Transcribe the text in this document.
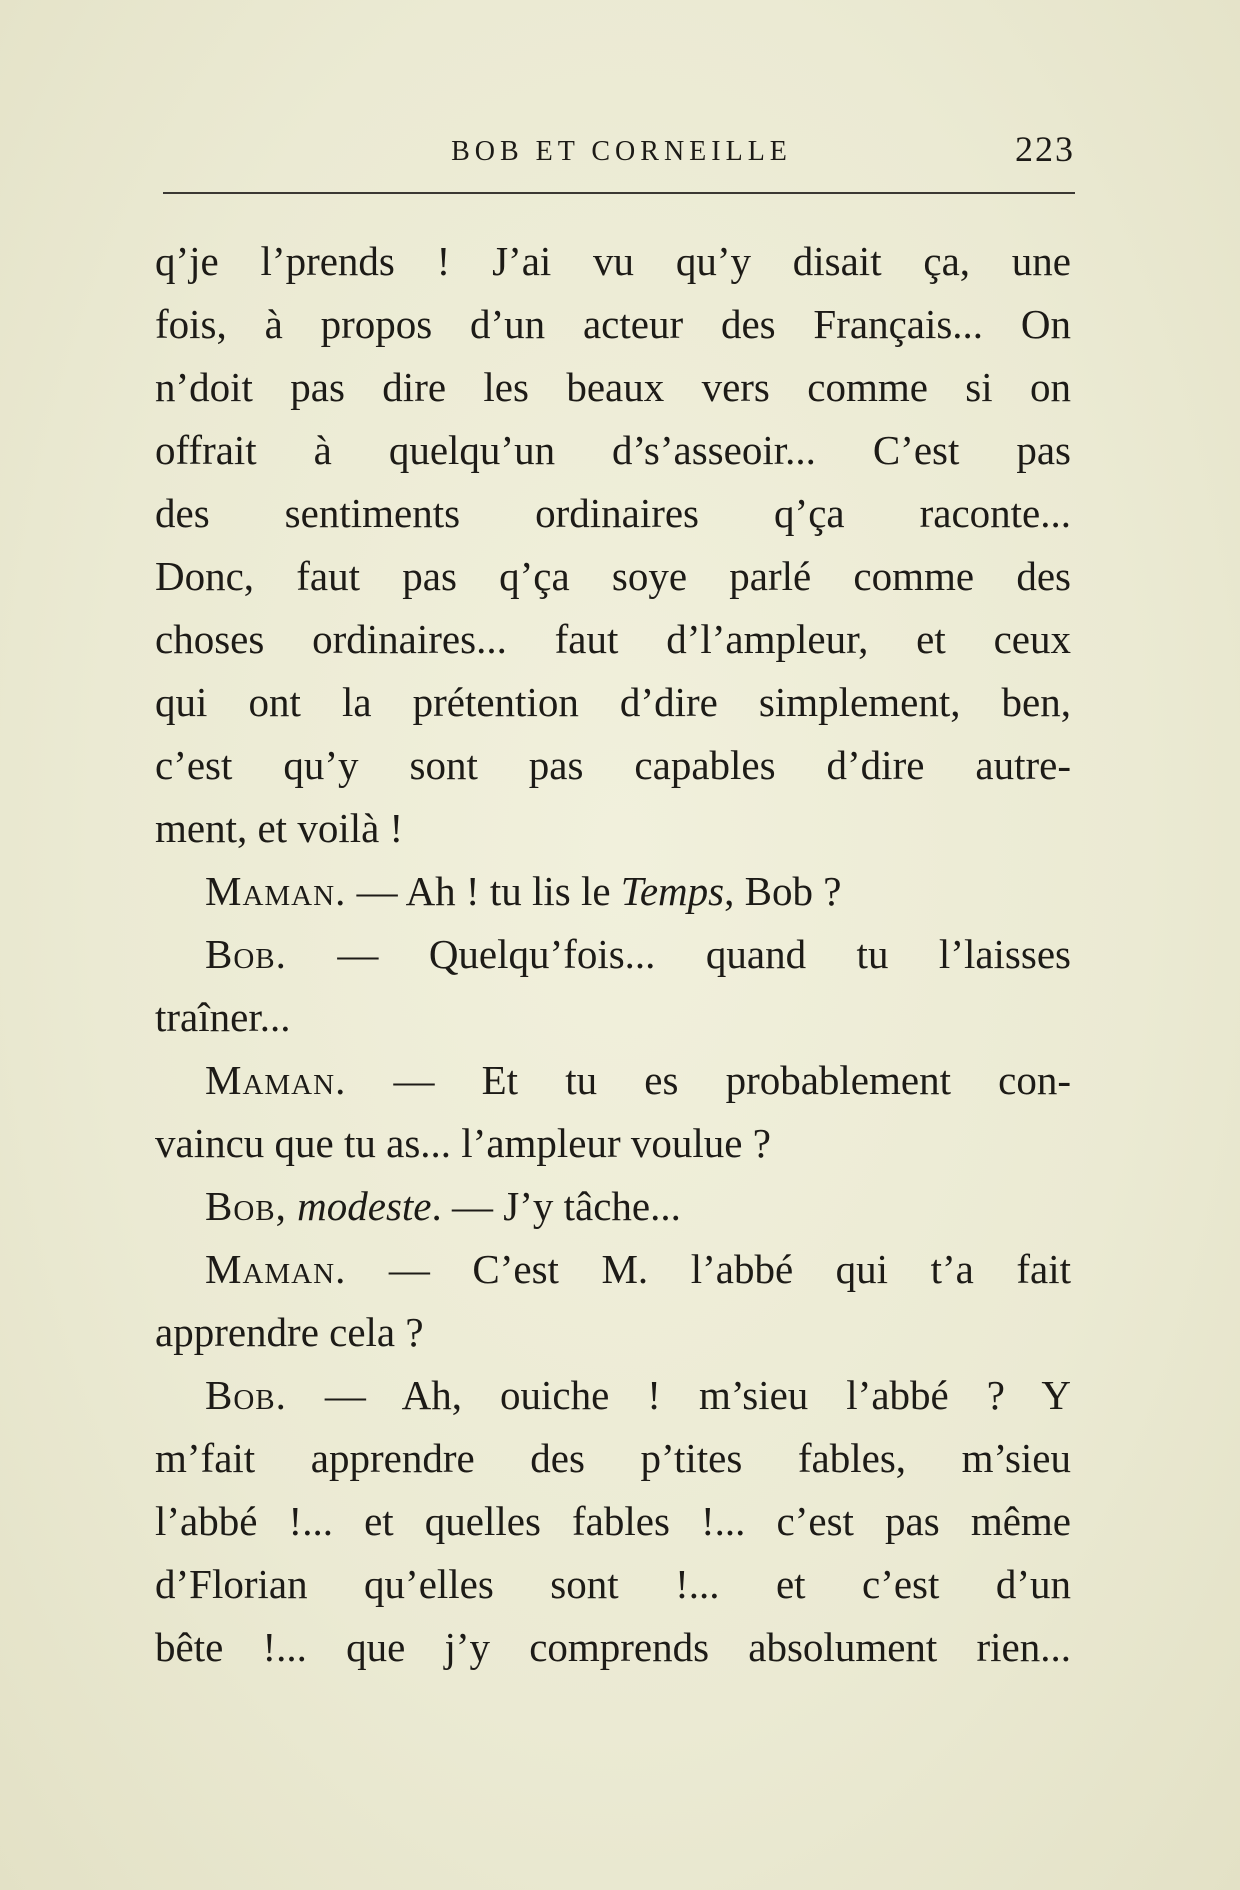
BOB ET CORNEILLE	223
q’je l’prends ! J’ai vu qu’y disait ça, une
fois, à propos d’un acteur des Français... On
n’doit pas dire les beaux vers comme si on
offrait à quelqu’un d’s’asseoir... C’est pas
des sentiments ordinaires q’ça raconte...
Donc, faut pas q’ça soye parlé comme des
choses ordinaires... faut d’l’ampleur, et ceux
qui ont la prétention d’dire simplement, ben,
c’est qu’y sont pas capables d’dire autre-
ment, et voilà !
Maman. — Ah ! tu lis le Temps, Bob ?
Bob. — Quelqu’fois... quand tu l’laisses
traîner...
Maman. — Et tu es probablement con-
vaincu que tu as... l’ampleur voulue ?
Bob, modeste. — J’y tâche...
Maman. — C’est M. l’abbé qui t’a fait
apprendre cela ?
Bob. — Ah, ouiche ! m’sieu l’abbé ? Y
m’fait apprendre des p’tites fables, m’sieu
l’abbé !... et quelles fables !... c’est pas même
d’Florian qu’elles sont !... et c’est d’un
bête !... que j’y comprends absolument rien...
